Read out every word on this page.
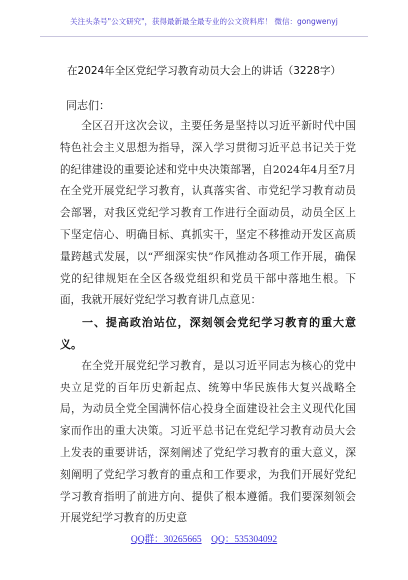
关注头条号"公文研究"，获得最新最全最专业的公文资料库！ 微信：gongwenyj
在2024年全区党纪学习教育动员大会上的讲话（3228字）
同志们：

全区召开这次会议，主要任务是坚持以习近平新时代中国特色社会主义思想为指导，深入学习贯彻习近平总书记关于党的纪律建设的重要论述和党中央决策部署，自2024年4月至7月在全党开展党纪学习教育，认真落实省、市党纪学习教育动员会部署，对我区党纪学习教育工作进行全面动员，动员全区上下坚定信心、明确目标、真抓实干，坚定不移推动开发区高质量跨越式发展，以“严细深实快”作风推动各项工作开展，确保党的纪律规矩在全区各级党组织和党员干部中落地生根。下面，我就开展好党纪学习教育讲几点意见：

一、提高政治站位，深刻领会党纪学习教育的重大意义。

在全党开展党纪学习教育，是以习近平同志为核心的党中央立足党的百年历史新起点、统筹中华民族伟大复兴战略全局，为动员全党全国满怀信心投身全面建设社会主义现代化国家而作出的重大决策。习近平总书记在党纪学习教育动员大会上发表的重要讲话，深刻阐述了党纪学习教育的重大意义，深刻阐明了党纪学习教育的重点和工作要求，为我们开展好党纪学习教育指明了前进方向、提供了根本遵循。我们要深刻领会开展党纪学习教育的历史意

QQ群：30265665 QQ：535304092
